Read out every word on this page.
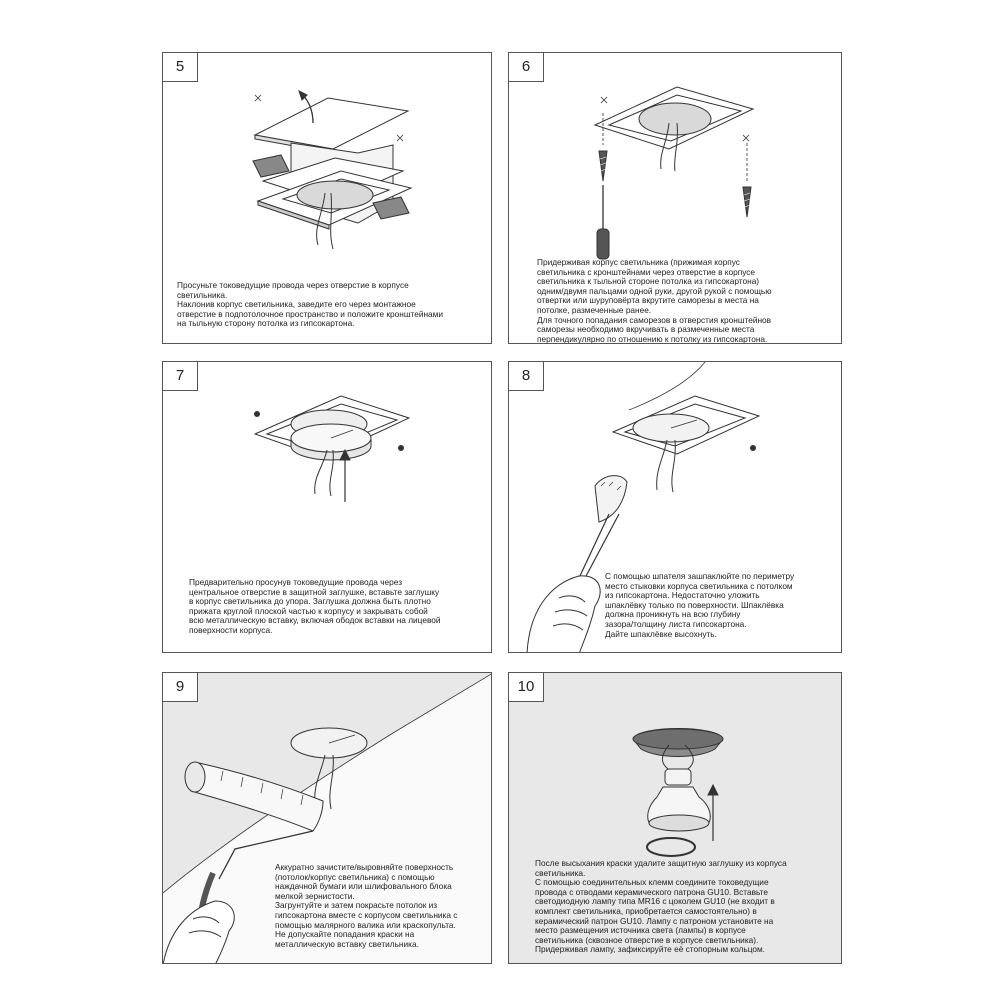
5

Просуньте токоведущие провода через отверстие в корпусе
светильника.
Наклонив корпус светильника, заведите его через монтажное
отверстие в подпотолочное пространство и положите кронштейнами
на тыльную сторону потолка из гипсокартона.

6

Придерживая корпус светильника (прижимая корпус
светильника с кронштейнами через отверстие в корпусе
светильника к тыльной стороне потолка из гипсокартона)
одним/двумя пальцами одной руки, другой рукой с помощью
отвертки или шуруповёрта вкрутите саморезы в места на
потолке, размеченные ранее.
Для точного попадания саморезов в отверстия кронштейнов
саморезы необходимо вкручивать в размеченные места
перпендикулярно по отношению к потолку из гипсокартона.

7

Предварительно просунув токоведущие провода через
центральное отверстие в защитной заглушке, вставьте заглушку
в корпус светильника до упора. Заглушка должна быть плотно
прижата круглой плоской частью к корпусу и закрывать собой
всю металлическую вставку, включая ободок вставки на лицевой
поверхности корпуса.

8

С помощью шпателя зашпаклюйте по периметру
место стыковки корпуса светильника с потолком
из гипсокартона. Недостаточно уложить
шпаклёвку только по поверхности. Шпаклёвка
должна проникнуть на всю глубину
зазора/толщину листа гипсокартона.
Дайте шпаклёвке высохнуть.

9

Аккуратно зачистите/выровняйте поверхность
(потолок/корпус светильника) с помощью
наждачной бумаги или шлифовального блока
мелкой зернистости.
Загрунтуйте и затем покрасьте потолок из
гипсокартона вместе с корпусом светильника с
помощью малярного валика или краскопульта.
Не допускайте попадания краски на
металлическую вставку светильника.

10

После высыхания краски удалите защитную заглушку из корпуса
светильника.
С помощью соединительных клемм соедините токоведущие
провода с отводами керамического патрона GU10. Вставьте
светодиодную лампу типа MR16 с цоколем GU10 (не входит в
комплект светильника, приобретается самостоятельно) в
керамический патрон GU10. Лампу с патроном установите на
место размещения источника света (лампы) в корпусе
светильника (сквозное отверстие в корпусе светильника).
Придерживая лампу, зафиксируйте её стопорным кольцом.
